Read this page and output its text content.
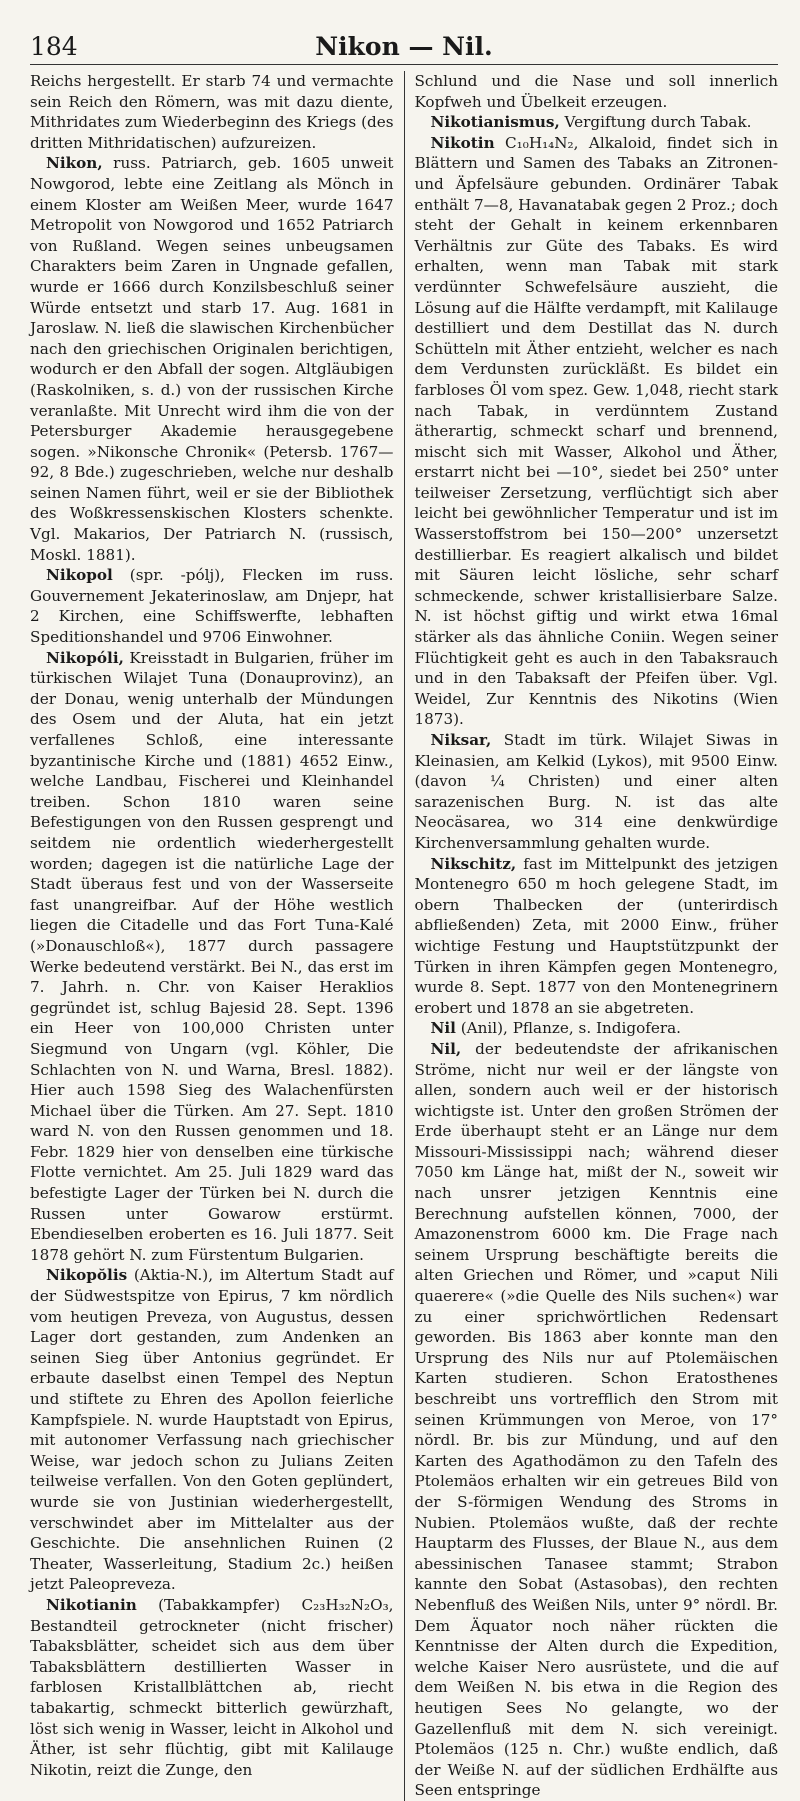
184	Nikon — Nil.

Reichs hergestellt. Er starb 74 und vermachte sein Reich den Römern, was mit dazu diente, Mithridates zum Wiederbeginn des Kriegs (des dritten Mithridatischen) aufzureizen.

Nikon, russ. Patriarch, geb. 1605 unweit Nowgorod, lebte eine Zeitlang als Mönch in einem Kloster am Weißen Meer, wurde 1647 Metropolit von Nowgorod und 1652 Patriarch von Rußland. Wegen seines unbeugsamen Charakters beim Zaren in Ungnade gefallen, wurde er 1666 durch Konzilsbeschluß seiner Würde entsetzt und starb 17. Aug. 1681 in Jaroslaw. N. ließ die slawischen Kirchenbücher nach den griechischen Originalen berichtigen, wodurch er den Abfall der sogen. Altgläubigen (Raskolniken, s. d.) von der russischen Kirche veranlaßte. Mit Unrecht wird ihm die von der Petersburger Akademie herausgegebene sogen. »Nikonsche Chronik« (Petersb. 1767—92, 8 Bde.) zugeschrieben, welche nur deshalb seinen Namen führt, weil er sie der Bibliothek des Woßkressenskischen Klosters schenkte. Vgl. Makarios, Der Patriarch N. (russisch, Moskl. 1881).

Nikopol (spr. -pólj), Flecken im russ. Gouvernement Jekaterinoslaw, am Dnjepr, hat 2 Kirchen, eine Schiffswerfte, lebhaften Speditionshandel und 9706 Einwohner.

Nikopóli, Kreisstadt in Bulgarien, früher im türkischen Wilajet Tuna (Donauprovinz), an der Donau, wenig unterhalb der Mündungen des Osem und der Aluta, hat ein jetzt verfallenes Schloß, eine interessante byzantinische Kirche und (1881) 4652 Einw., welche Landbau, Fischerei und Kleinhandel treiben. Schon 1810 waren seine Befestigungen von den Russen gesprengt und seitdem nie ordentlich wiederhergestellt worden; dagegen ist die natürliche Lage der Stadt überaus fest und von der Wasserseite fast unangreifbar. Auf der Höhe westlich liegen die Citadelle und das Fort Tuna-Kalé (»Donauschloß«), 1877 durch passagere Werke bedeutend verstärkt. Bei N., das erst im 7. Jahrh. n. Chr. von Kaiser Heraklios gegründet ist, schlug Bajesid 28. Sept. 1396 ein Heer von 100,000 Christen unter Siegmund von Ungarn (vgl. Köhler, Die Schlachten von N. und Warna, Bresl. 1882). Hier auch 1598 Sieg des Walachenfürsten Michael über die Türken. Am 27. Sept. 1810 ward N. von den Russen genommen und 18. Febr. 1829 hier von denselben eine türkische Flotte vernichtet. Am 25. Juli 1829 ward das befestigte Lager der Türken bei N. durch die Russen unter Gowarow erstürmt. Ebendieselben eroberten es 16. Juli 1877. Seit 1878 gehört N. zum Fürstentum Bulgarien.

Nikopŏlis (Aktia-N.), im Altertum Stadt auf der Südwestspitze von Epirus, 7 km nördlich vom heutigen Preveza, von Augustus, dessen Lager dort gestanden, zum Andenken an seinen Sieg über Antonius gegründet. Er erbaute daselbst einen Tempel des Neptun und stiftete zu Ehren des Apollon feierliche Kampfspiele. N. wurde Hauptstadt von Epirus, mit autonomer Verfassung nach griechischer Weise, war jedoch schon zu Julians Zeiten teilweise verfallen. Von den Goten geplündert, wurde sie von Justinian wiederhergestellt, verschwindet aber im Mittelalter aus der Geschichte. Die ansehnlichen Ruinen (2 Theater, Wasserleitung, Stadium 2c.) heißen jetzt Paleopreveza.

Nikotianin (Tabakkampfer) C₂₃H₃₂N₂O₃, Bestandteil getrockneter (nicht frischer) Tabaksblätter, scheidet sich aus dem über Tabaksblättern destillierten Wasser in farblosen Kristallblättchen ab, riecht tabakartig, schmeckt bitterlich gewürzhaft, löst sich wenig in Wasser, leicht in Alkohol und Äther, ist sehr flüchtig, gibt mit Kalilauge Nikotin, reizt die Zunge, den

Schlund und die Nase und soll innerlich Kopfweh und Übelkeit erzeugen.

Nikotianismus, Vergiftung durch Tabak.

Nikotin C₁₀H₁₄N₂, Alkaloid, findet sich in Blättern und Samen des Tabaks an Zitronen- und Äpfelsäure gebunden. Ordinärer Tabak enthält 7—8, Havanatabak gegen 2 Proz.; doch steht der Gehalt in keinem erkennbaren Verhältnis zur Güte des Tabaks. Es wird erhalten, wenn man Tabak mit stark verdünnter Schwefelsäure auszieht, die Lösung auf die Hälfte verdampft, mit Kalilauge destilliert und dem Destillat das N. durch Schütteln mit Äther entzieht, welcher es nach dem Verdunsten zurückläßt. Es bildet ein farbloses Öl vom spez. Gew. 1,048, riecht stark nach Tabak, in verdünntem Zustand ätherartig, schmeckt scharf und brennend, mischt sich mit Wasser, Alkohol und Äther, erstarrt nicht bei —10°, siedet bei 250° unter teilweiser Zersetzung, verflüchtigt sich aber leicht bei gewöhnlicher Temperatur und ist im Wasserstoffstrom bei 150—200° unzersetzt destillierbar. Es reagiert alkalisch und bildet mit Säuren leicht lösliche, sehr scharf schmeckende, schwer kristallisierbare Salze. N. ist höchst giftig und wirkt etwa 16mal stärker als das ähnliche Coniin. Wegen seiner Flüchtigkeit geht es auch in den Tabaksrauch und in den Tabaksaft der Pfeifen über. Vgl. Weidel, Zur Kenntnis des Nikotins (Wien 1873).

Niksar, Stadt im türk. Wilajet Siwas in Kleinasien, am Kelkid (Lykos), mit 9500 Einw. (davon ¼ Christen) und einer alten sarazenischen Burg. N. ist das alte Neocäsarea, wo 314 eine denkwürdige Kirchenversammlung gehalten wurde.

Nikschitz, fast im Mittelpunkt des jetzigen Montenegro 650 m hoch gelegene Stadt, im obern Thalbecken der (unterirdisch abfließenden) Zeta, mit 2000 Einw., früher wichtige Festung und Hauptstützpunkt der Türken in ihren Kämpfen gegen Montenegro, wurde 8. Sept. 1877 von den Montenegrinern erobert und 1878 an sie abgetreten.

Nil (Anil), Pflanze, s. Indigofera.

Nil, der bedeutendste der afrikanischen Ströme, nicht nur weil er der längste von allen, sondern auch weil er der historisch wichtigste ist. Unter den großen Strömen der Erde überhaupt steht er an Länge nur dem Missouri-Mississippi nach; während dieser 7050 km Länge hat, mißt der N., soweit wir nach unsrer jetzigen Kenntnis eine Berechnung aufstellen können, 7000, der Amazonenstrom 6000 km. Die Frage nach seinem Ursprung beschäftigte bereits die alten Griechen und Römer, und »caput Nili quaerere« (»die Quelle des Nils suchen«) war zu einer sprichwörtlichen Redensart geworden. Bis 1863 aber konnte man den Ursprung des Nils nur auf Ptolemäischen Karten studieren. Schon Eratosthenes beschreibt uns vortrefflich den Strom mit seinen Krümmungen von Meroe, von 17° nördl. Br. bis zur Mündung, und auf den Karten des Agathodämon zu den Tafeln des Ptolemäos erhalten wir ein getreues Bild von der S-förmigen Wendung des Stroms in Nubien. Ptolemäos wußte, daß der rechte Hauptarm des Flusses, der Blaue N., aus dem abessinischen Tanasee stammt; Strabon kannte den Sobat (Astasobas), den rechten Nebenfluß des Weißen Nils, unter 9° nördl. Br. Dem Äquator noch näher rückten die Kenntnisse der Alten durch die Expedition, welche Kaiser Nero ausrüstete, und die auf dem Weißen N. bis etwa in die Region des heutigen Sees No gelangte, wo der Gazellenfluß mit dem N. sich vereinigt. Ptolemäos (125 n. Chr.) wußte endlich, daß der Weiße N. auf der südlichen Erdhälfte aus Seen entspringe
